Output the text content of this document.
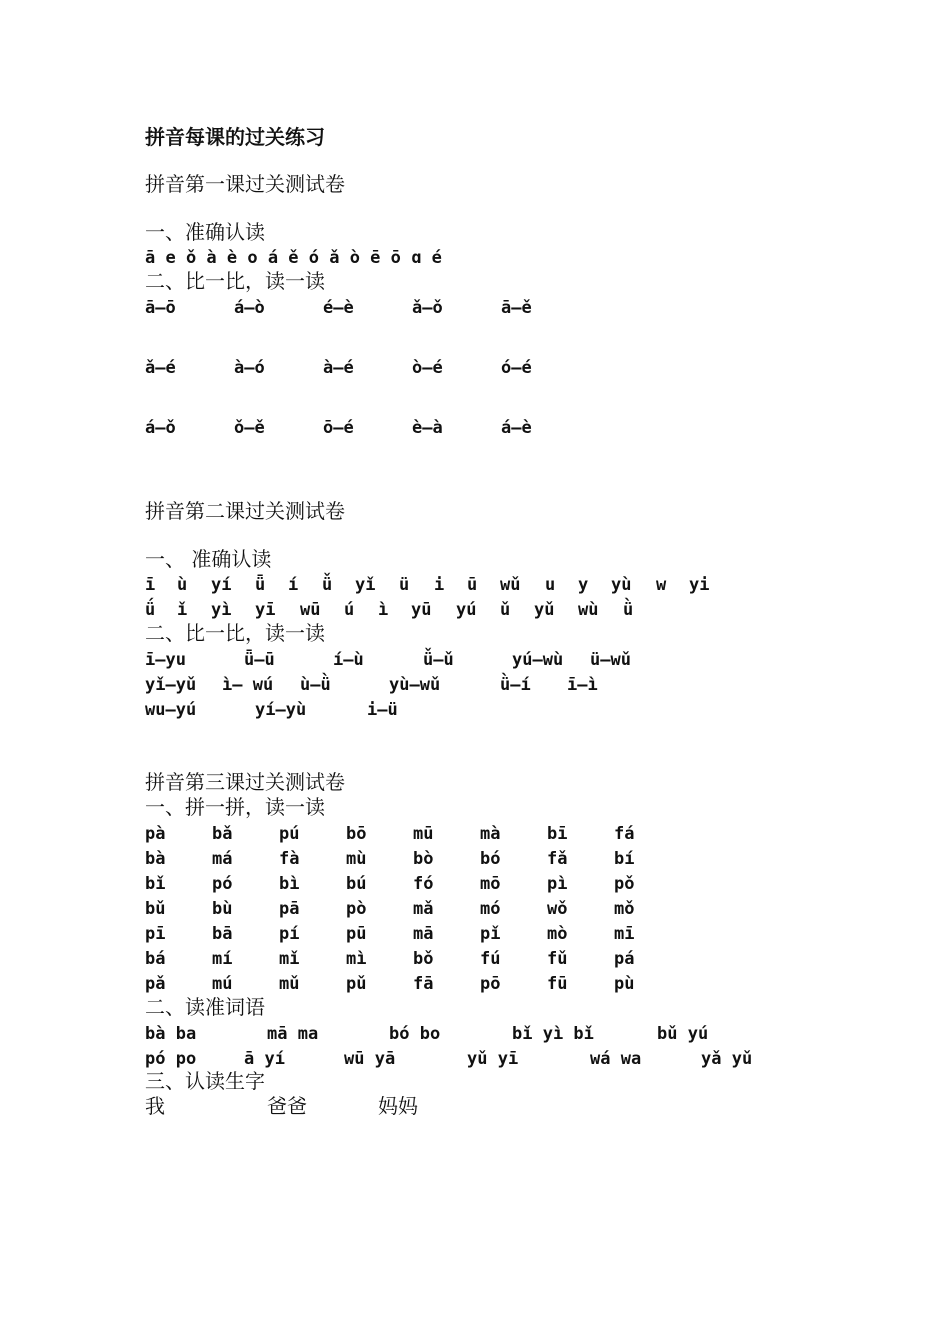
拼音每课的过关练习
拼音第一课过关测试卷
一、准确认读
ā e ǒ à è o á ě ó ǎ ò ē ō ɑ é
二、比一比，读一读
ā—ō	á—ò	é—è	ǎ—ǒ	ā—ě
ǎ—é	à—ó	à—é	ò—é	ó—é
á—ǒ	ǒ—ě	ō—é	è—à	á—è
拼音第二课过关测试卷
一、 准确认读
ī ù yí ǖ í ǚ yǐ ü i ū wǔ u y yù w yi
ǘ ǐ yì yī wū ú ì yū yú ǔ yǔ wù ǜ
二、比一比，读一读
ī—yu	ǖ—ū	í—ù	ǚ—ǔ	yú—wù ü—wǔ
yǐ—yǔ ì— wú ù—ǜ	yù—wǔ	ǜ—í ī—ì
wu—yú	yí—yù	i—ü
拼音第三课过关测试卷
一、拼一拼，读一读
pà	bǎ	pú	bō	mū	mà	bī	fá
bà	má	fà	mù	bò	bó	fǎ	bí
bǐ	pó	bì	bú	fó	mō	pì	pǒ
bǔ	bù	pā	pò	mǎ	mó	wǒ	mǒ
pī	bā	pí	pū	mā	pǐ	mò	mī
bá	mí	mǐ	mì	bǒ	fú	fǔ	pá
pǎ	mú	mǔ	pǔ	fā	pō	fū	pù
二、读准词语
bà ba	mā ma	bó bo	bǐ yì bǐ	bǔ yú
pó po	ā yí	wū yā	yǔ yī	wá wa	yǎ yǔ
三、认读生字
我	爸爸	妈妈
